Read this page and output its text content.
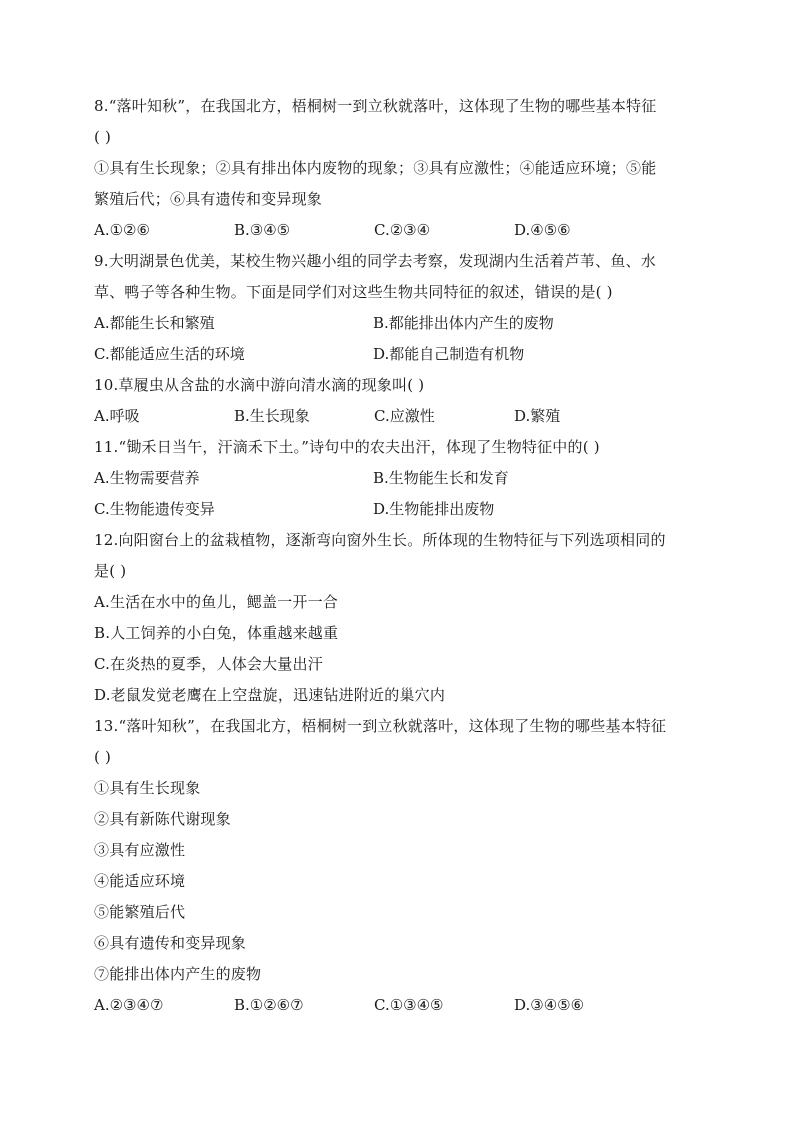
8.“落叶知秋”，在我国北方，梧桐树一到立秋就落叶，这体现了生物的哪些基本特征
( )
①具有生长现象；②具有排出体内废物的现象；③具有应激性；④能适应环境；⑤能
繁殖后代；⑥具有遗传和变异现象
A.①②⑥	B.③④⑤	C.②③④	D.④⑤⑥
9.大明湖景色优美，某校生物兴趣小组的同学去考察，发现湖内生活着芦苇、鱼、水
草、鸭子等各种生物。下面是同学们对这些生物共同特征的叙述，错误的是( )
A.都能生长和繁殖	B.都能排出体内产生的废物
C.都能适应生活的环境	D.都能自己制造有机物
10.草履虫从含盐的水滴中游向清水滴的现象叫( )
A.呼吸	B.生长现象	C.应激性	D.繁殖
11.“锄禾日当午，汗滴禾下土。”诗句中的农夫出汗，体现了生物特征中的( )
A.生物需要营养	B.生物能生长和发育
C.生物能遗传变异	D.生物能排出废物
12.向阳窗台上的盆栽植物，逐渐弯向窗外生长。所体现的生物特征与下列选项相同的
是( )
A.生活在水中的鱼儿，鳃盖一开一合
B.人工饲养的小白兔，体重越来越重
C.在炎热的夏季，人体会大量出汗
D.老鼠发觉老鹰在上空盘旋，迅速钻进附近的巢穴内
13.“落叶知秋”，在我国北方，梧桐树一到立秋就落叶，这体现了生物的哪些基本特征
( )
①具有生长现象
②具有新陈代谢现象
③具有应激性
④能适应环境
⑤能繁殖后代
⑥具有遗传和变异现象
⑦能排出体内产生的废物
A.②③④⑦	B.①②⑥⑦	C.①③④⑤	D.③④⑤⑥
